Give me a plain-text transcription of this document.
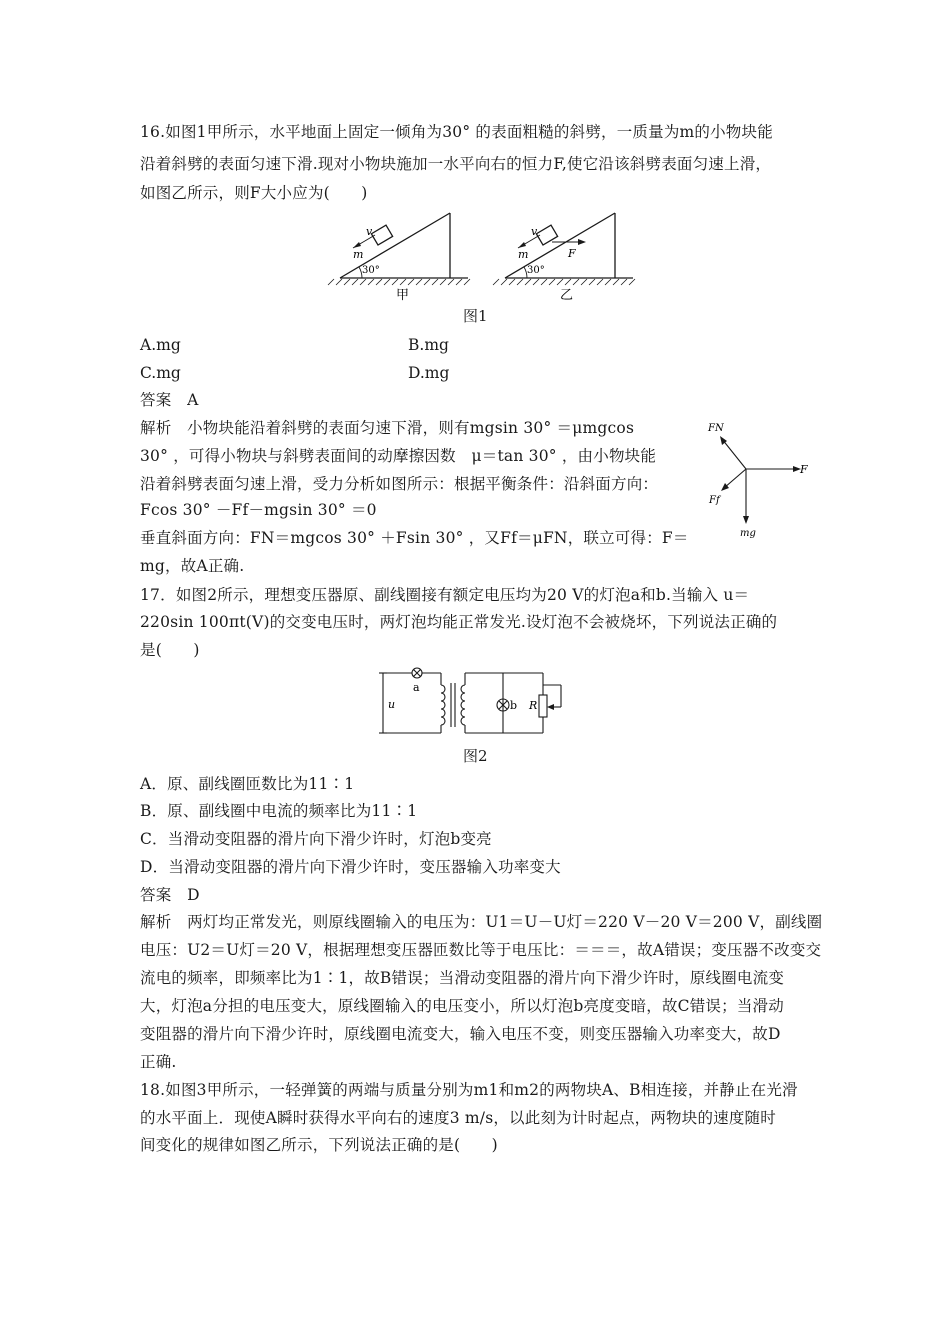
16.如图1甲所示，水平地面上固定一倾角为30° 的表面粗糙的斜劈，一质量为m的小物块能
沿着斜劈的表面匀速下滑.现对小物块施加一水平向右的恒力F,使它沿该斜劈表面匀速上滑，
如图乙所示，则F大小应为(　　)
v
m
30°
甲
v
m
30°
F
乙
图1
A.mg	B.mg
C.mg	D.mg
答案　A
解析　小物块能沿着斜劈的表面匀速下滑，则有mgsin 30° ＝μmgcos
30° ，可得小物块与斜劈表面间的动摩擦因数　μ＝tan 30° ，由小物块能
沿着斜劈表面匀速上滑，受力分析如图所示：根据平衡条件：沿斜面方向：
Fcos 30° －Ff－mgsin 30° ＝0
垂直斜面方向：FN＝mgcos 30° ＋Fsin 30° ，又Ff＝μFN，联立可得：F＝
mg，故A正确.
FN
F
Ff
mg
17．如图2所示，理想变压器原、副线圈接有额定电压均为20 V的灯泡a和b.当输入 u＝
220sin 100πt(V)的交变电压时，两灯泡均能正常发光.设灯泡不会被烧坏，下列说法正确的
是(　　)
u
a
b R
图2
A．原、副线圈匝数比为11∶1
B．原、副线圈中电流的频率比为11∶1
C．当滑动变阻器的滑片向下滑少许时，灯泡b变亮
D．当滑动变阻器的滑片向下滑少许时，变压器输入功率变大
答案　D
解析　两灯均正常发光，则原线圈输入的电压为：U1＝U－U灯＝220 V－20 V＝200 V，副线圈
电压：U2＝U灯＝20 V，根据理想变压器匝数比等于电压比：＝＝＝，故A错误；变压器不改变交
流电的频率，即频率比为1∶1，故B错误；当滑动变阻器的滑片向下滑少许时，原线圈电流变
大，灯泡a分担的电压变大，原线圈输入的电压变小，所以灯泡b亮度变暗，故C错误；当滑动
变阻器的滑片向下滑少许时，原线圈电流变大，输入电压不变，则变压器输入功率变大，故D
正确.
18.如图3甲所示，一轻弹簧的两端与质量分别为m1和m2的两物块A、B相连接，并静止在光滑
的水平面上．现使A瞬时获得水平向右的速度3 m/s，以此刻为计时起点，两物块的速度随时
间变化的规律如图乙所示，下列说法正确的是(　　)
